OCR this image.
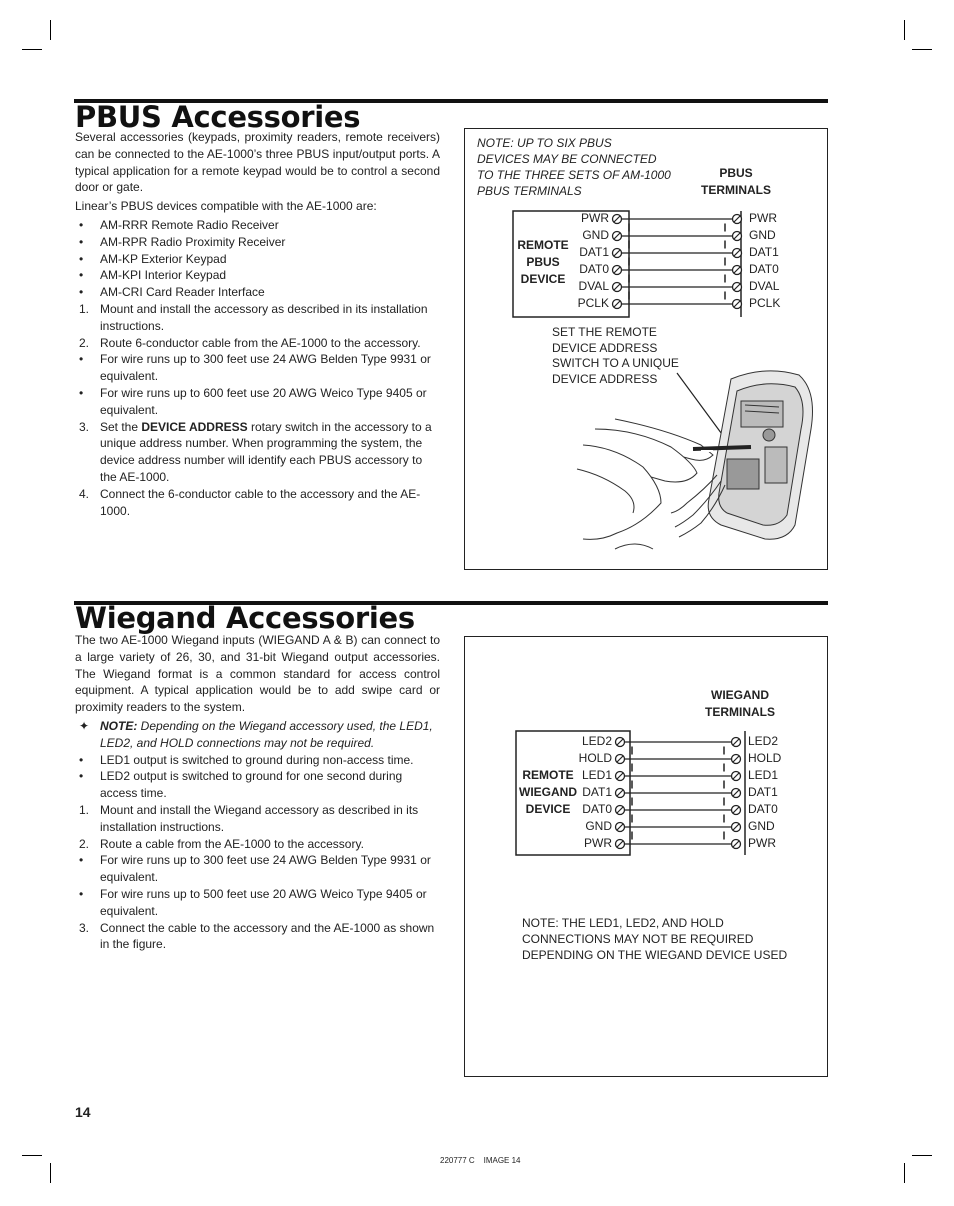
PBUS Accessories

Several accessories (keypads, proximity readers, remote receivers) can be connected to the AE-1000’s three PBUS input/output ports. A typical application for a remote keypad would be to control a second door or gate.

Linear’s PBUS devices compatible with the AE-1000 are:

• AM-RRR Remote Radio Receiver
• AM-RPR Radio Proximity Receiver
• AM-KP Exterior Keypad
• AM-KPI Interior Keypad
• AM-CRI Card Reader Interface
1. Mount and install the accessory as described in its installation instructions.
2. Route 6-conductor cable from the AE-1000 to the accessory.
• For wire runs up to 300 feet use 24 AWG Belden Type 9931 or equivalent.
• For wire runs up to 600 feet use 20 AWG Weico Type 9405 or equivalent.
3. Set the DEVICE ADDRESS rotary switch in the accessory to a unique address number. When programming the system, the device address number will identify each PBUS accessory to the AE-1000.
4. Connect the 6-conductor cable to the accessory and the AE-1000.
NOTE: UP TO SIX PBUS
DEVICES MAY BE CONNECTED
TO THE THREE SETS OF AM-1000
PBUS TERMINALS
PBUS
TERMINALS
REMOTE
PBUS
DEVICE
PWR
GND
DAT1
DAT0
DVAL
PCLK
PWR
GND
DAT1
DAT0
DVAL
PCLK
SET THE REMOTE
DEVICE ADDRESS
SWITCH TO A UNIQUE
DEVICE ADDRESS
Wiegand Accessories

The two AE-1000 Wiegand inputs (WIEGAND A & B) can connect to a large variety of 26, 30, and 31-bit Wiegand output accessories. The Wiegand format is a common standard for access control equipment. A typical application would be to add swipe card or proximity readers to the system.

✦ NOTE: Depending on the Wiegand accessory used, the LED1, LED2, and HOLD connections may not be required.
• LED1 output is switched to ground during non-access time.
• LED2 output is switched to ground for one second during access time.
1. Mount and install the Wiegand accessory as described in its installation instructions.
2. Route a cable from the AE-1000 to the accessory.
• For wire runs up to 300 feet use 24 AWG Belden Type 9931 or equivalent.
• For wire runs up to 500 feet use 20 AWG Weico Type 9405 or equivalent.
3. Connect the cable to the accessory and the AE-1000 as shown in the figure.
WIEGAND
TERMINALS
REMOTE
WIEGAND
DEVICE
LED2
HOLD
LED1
DAT1
DAT0
GND
PWR
LED2
HOLD
LED1
DAT1
DAT0
GND
PWR
NOTE: THE LED1, LED2, AND HOLD
CONNECTIONS MAY NOT BE REQUIRED
DEPENDING ON THE WIEGAND DEVICE USED
14
220777 C IMAGE 14
